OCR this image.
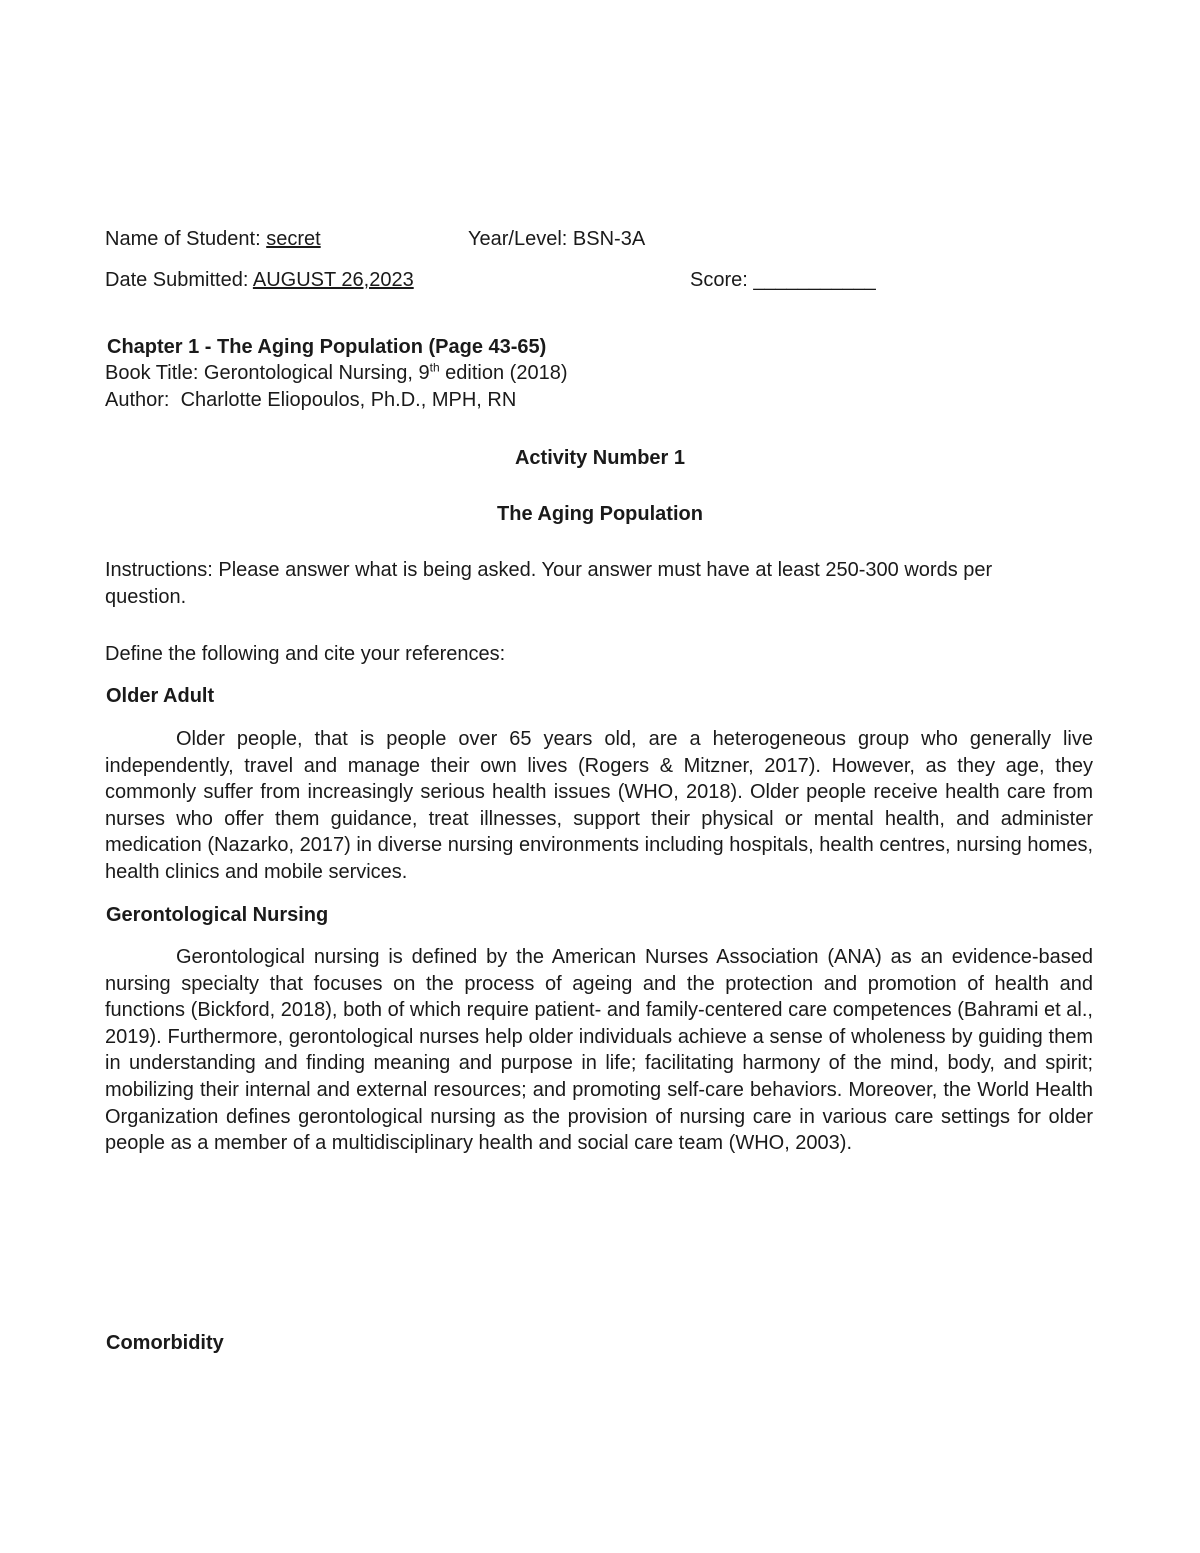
Name of Student: secret	Year/Level: BSN-3A
Date Submitted: AUGUST 26,2023	Score: ___________
Chapter 1 - The Aging Population (Page 43-65)
Book Title: Gerontological Nursing, 9th edition (2018)
Author:  Charlotte Eliopoulos, Ph.D., MPH, RN
Activity Number 1
The Aging Population
Instructions: Please answer what is being asked. Your answer must have at least 250-300 words per question.
Define the following and cite your references:
Older Adult
Older people, that is people over 65 years old, are a heterogeneous group who generally live independently, travel and manage their own lives (Rogers & Mitzner, 2017). However, as they age, they commonly suffer from increasingly serious health issues (WHO, 2018). Older people receive health care from nurses who offer them guidance, treat illnesses, support their physical or mental health, and administer medication (Nazarko, 2017) in diverse nursing environments including hospitals, health centres, nursing homes, health clinics and mobile services.
Gerontological Nursing
Gerontological nursing is defined by the American Nurses Association (ANA) as an evidence-based nursing specialty that focuses on the process of ageing and the protection and promotion of health and functions (Bickford, 2018), both of which require patient- and family-centered care competences (Bahrami et al., 2019). Furthermore, gerontological nurses help older individuals achieve a sense of wholeness by guiding them in understanding and finding meaning and purpose in life; facilitating harmony of the mind, body, and spirit; mobilizing their internal and external resources; and promoting self-care behaviors. Moreover, the World Health Organization defines gerontological nursing as the provision of nursing care in various care settings for older people as a member of a multidisciplinary health and social care team (WHO, 2003).
Comorbidity
